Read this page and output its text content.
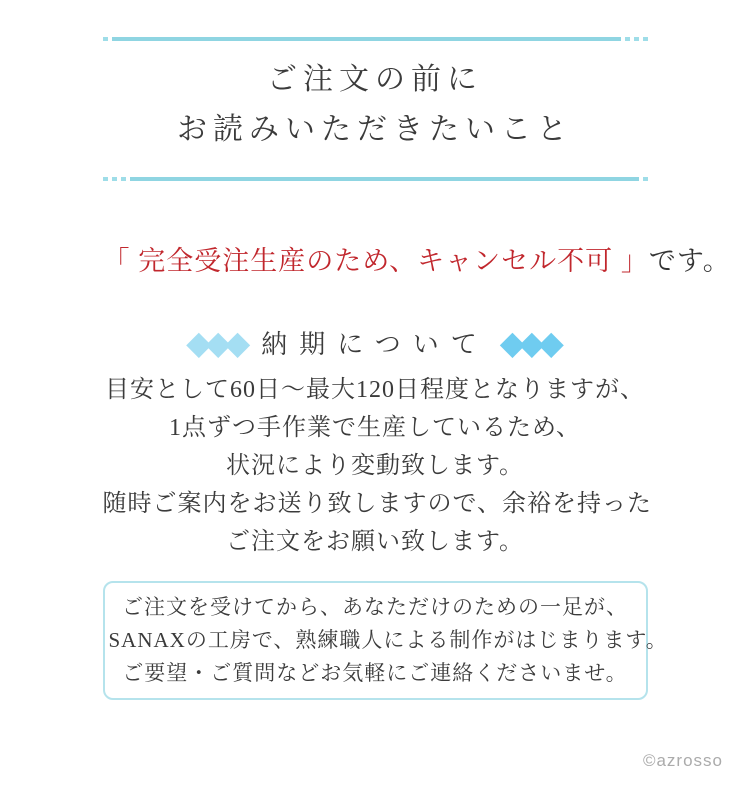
ご注文の前に
お読みいただきたいこと
「 完全受注生産のため、キャンセル不可 」です。
◆
◆
◆ 納期について ◆
◆
◆
目安として60日〜最大120日程度となりますが、
1点ずつ手作業で生産しているため、
状況により変動致します。
随時ご案内をお送り致しますので、余裕を持った
ご注文をお願い致します。
ご注文を受けてから、あなただけのための一足が、
SANAXの工房で、熟練職人による制作がはじまります。
ご要望・ご質問などお気軽にご連絡くださいませ。
©azrosso
